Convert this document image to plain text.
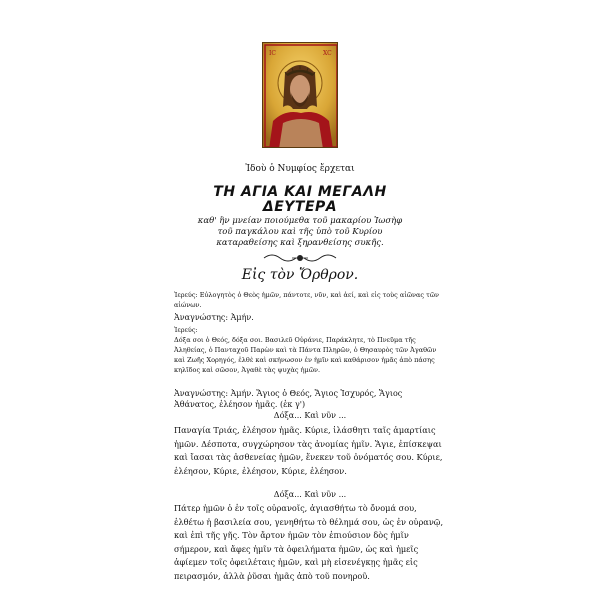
IC	XC
Ἰδοὺ ὁ Νυμφίος ἔρχεται
ΤΗ ΑΓΙΑ ΚΑΙ ΜΕΓΑΛΗ
ΔΕΥΤΕΡΑ
καθ' ἣν μνείαν ποιούμεθα τοῦ μακαρίου Ἰωσὴφ
τοῦ παγκάλου καὶ τῆς ὑπὸ τοῦ Κυρίου
καταραθείσης καὶ ξηρανθείσης συκῆς.
Εἰς τὸν Ὄρθρον.
Ἱερεύς: Εὐλογητὸς ὁ Θεὸς ἡμῶν, πάντοτε, νῦν, καὶ ἀεί, καὶ εἰς τοὺς αἰῶνας τῶν αἰώνων.
Ἀναγνώστης: Ἀμήν.
Ἱερεύς:
Δόξα σοι ὁ Θεός, δόξα σοι. Βασιλεῦ Οὐράνιε, Παράκλητε, τὸ Πνεῦμα τῆς Ἀληθείας, ὁ Πανταχοῦ Παρὼν καὶ τὰ Πάντα Πληρῶν, ὁ Θησαυρὸς τῶν Ἀγαθῶν καὶ Ζωῆς Χορηγός, ἐλθὲ καὶ σκήνωσον ἐν ἡμῖν καὶ καθάρισον ἡμᾶς ἀπὸ πάσης κηλῖδος καὶ σῶσον, Ἀγαθὲ τὰς ψυχὰς ἡμῶν.
Ἀναγνώστης: Ἀμήν. Ἅγιος ὁ Θεός, Ἅγιος Ἰσχυρός, Ἅγιος Ἀθάνατος, ἐλέησον ἡμᾶς. (ἐκ γ')
Δόξα... Καὶ νῦν ...
Παναγία Τριάς, ἐλέησον ἡμᾶς. Κύριε, ἱλάσθητι ταῖς ἁμαρτίαις ἡμῶν. Δέσποτα, συγχώρησον τὰς ἀνομίας ἡμῖν. Ἅγιε, ἐπίσκεψαι καὶ ἴασαι τὰς ἀσθενείας ἡμῶν, ἕνεκεν τοῦ ὀνόματός σου. Κύριε, ἐλέησον, Κύριε, ἐλέησον, Κύριε, ἐλέησον.
Δόξα... Καὶ νῦν ...
Πάτερ ἡμῶν ὁ ἐν τοῖς οὐρανοῖς, ἁγιασθήτω τὸ ὄνομά σου, ἐλθέτω ἡ βασιλεία σου, γενηθήτω τὸ θέλημά σου, ὡς ἐν οὐρανῷ, καὶ ἐπὶ τῆς γῆς. Τὸν ἄρτον ἡμῶν τὸν ἐπιούσιον δὸς ἡμῖν σήμερον, καὶ ἄφες ἡμῖν τὰ ὀφειλήματα ἡμῶν, ὡς καὶ ἡμεῖς ἀφίεμεν τοῖς ὀφειλέταις ἡμῶν, καὶ μὴ εἰσενέγκῃς ἡμᾶς εἰς πειρασμόν, ἀλλὰ ῥῦσαι ἡμᾶς ἀπὸ τοῦ πονηροῦ.
